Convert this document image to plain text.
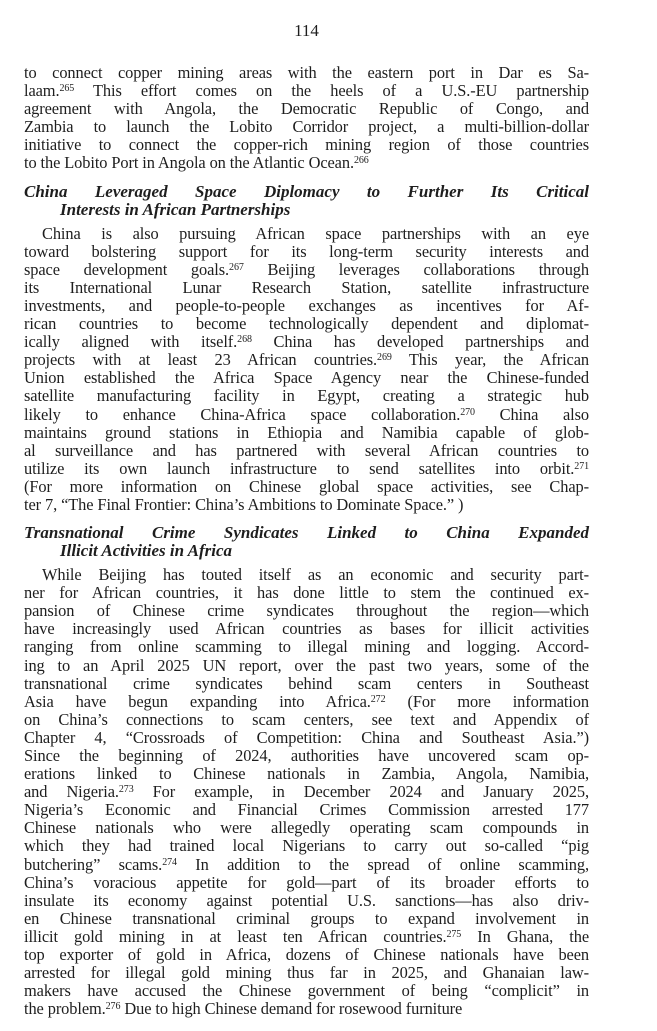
114
to connect copper mining areas with the eastern port in Dar es Sa-
laam.$^{265}$ This effort comes on the heels of a U.S.-EU partnership
agreement with Angola, the Democratic Republic of Congo, and
Zambia to launch the Lobito Corridor project, a multi-billion-dollar
initiative to connect the copper-rich mining region of those countries
to the Lobito Port in Angola on the Atlantic Ocean.$^{266}$
China Leveraged Space Diplomacy to Further Its Critical
Interests in African Partnerships
China is also pursuing African space partnerships with an eye
toward bolstering support for its long-term security interests and
space development goals.$^{267}$ Beijing leverages collaborations through
its International Lunar Research Station, satellite infrastructure
investments, and people-to-people exchanges as incentives for Af-
rican countries to become technologically dependent and diplomat-
ically aligned with itself.$^{268}$ China has developed partnerships and
projects with at least 23 African countries.$^{269}$ This year, the African
Union established the Africa Space Agency near the Chinese-funded
satellite manufacturing facility in Egypt, creating a strategic hub
likely to enhance China-Africa space collaboration.$^{270}$ China also
maintains ground stations in Ethiopia and Namibia capable of glob-
al surveillance and has partnered with several African countries to
utilize its own launch infrastructure to send satellites into orbit.$^{271}$
(For more information on Chinese global space activities, see Chap-
ter 7, “The Final Frontier: China’s Ambitions to Dominate Space.” )
Transnational Crime Syndicates Linked to China Expanded
Illicit Activities in Africa
While Beijing has touted itself as an economic and security part-
ner for African countries, it has done little to stem the continued ex-
pansion of Chinese crime syndicates throughout the region—which
have increasingly used African countries as bases for illicit activities
ranging from online scamming to illegal mining and logging. Accord-
ing to an April 2025 UN report, over the past two years, some of the
transnational crime syndicates behind scam centers in Southeast
Asia have begun expanding into Africa.$^{272}$ (For more information
on China’s connections to scam centers, see text and Appendix of
Chapter 4, “Crossroads of Competition: China and Southeast Asia.”)
Since the beginning of 2024, authorities have uncovered scam op-
erations linked to Chinese nationals in Zambia, Angola, Namibia,
and Nigeria.$^{273}$ For example, in December 2024 and January 2025,
Nigeria’s Economic and Financial Crimes Commission arrested 177
Chinese nationals who were allegedly operating scam compounds in
which they had trained local Nigerians to carry out so-called “pig
butchering” scams.$^{274}$ In addition to the spread of online scamming,
China’s voracious appetite for gold—part of its broader efforts to
insulate its economy against potential U.S. sanctions—has also driv-
en Chinese transnational criminal groups to expand involvement in
illicit gold mining in at least ten African countries.$^{275}$ In Ghana, the
top exporter of gold in Africa, dozens of Chinese nationals have been
arrested for illegal gold mining thus far in 2025, and Ghanaian law-
makers have accused the Chinese government of being “complicit” in
the problem.$^{276}$ Due to high Chinese demand for rosewood furniture
